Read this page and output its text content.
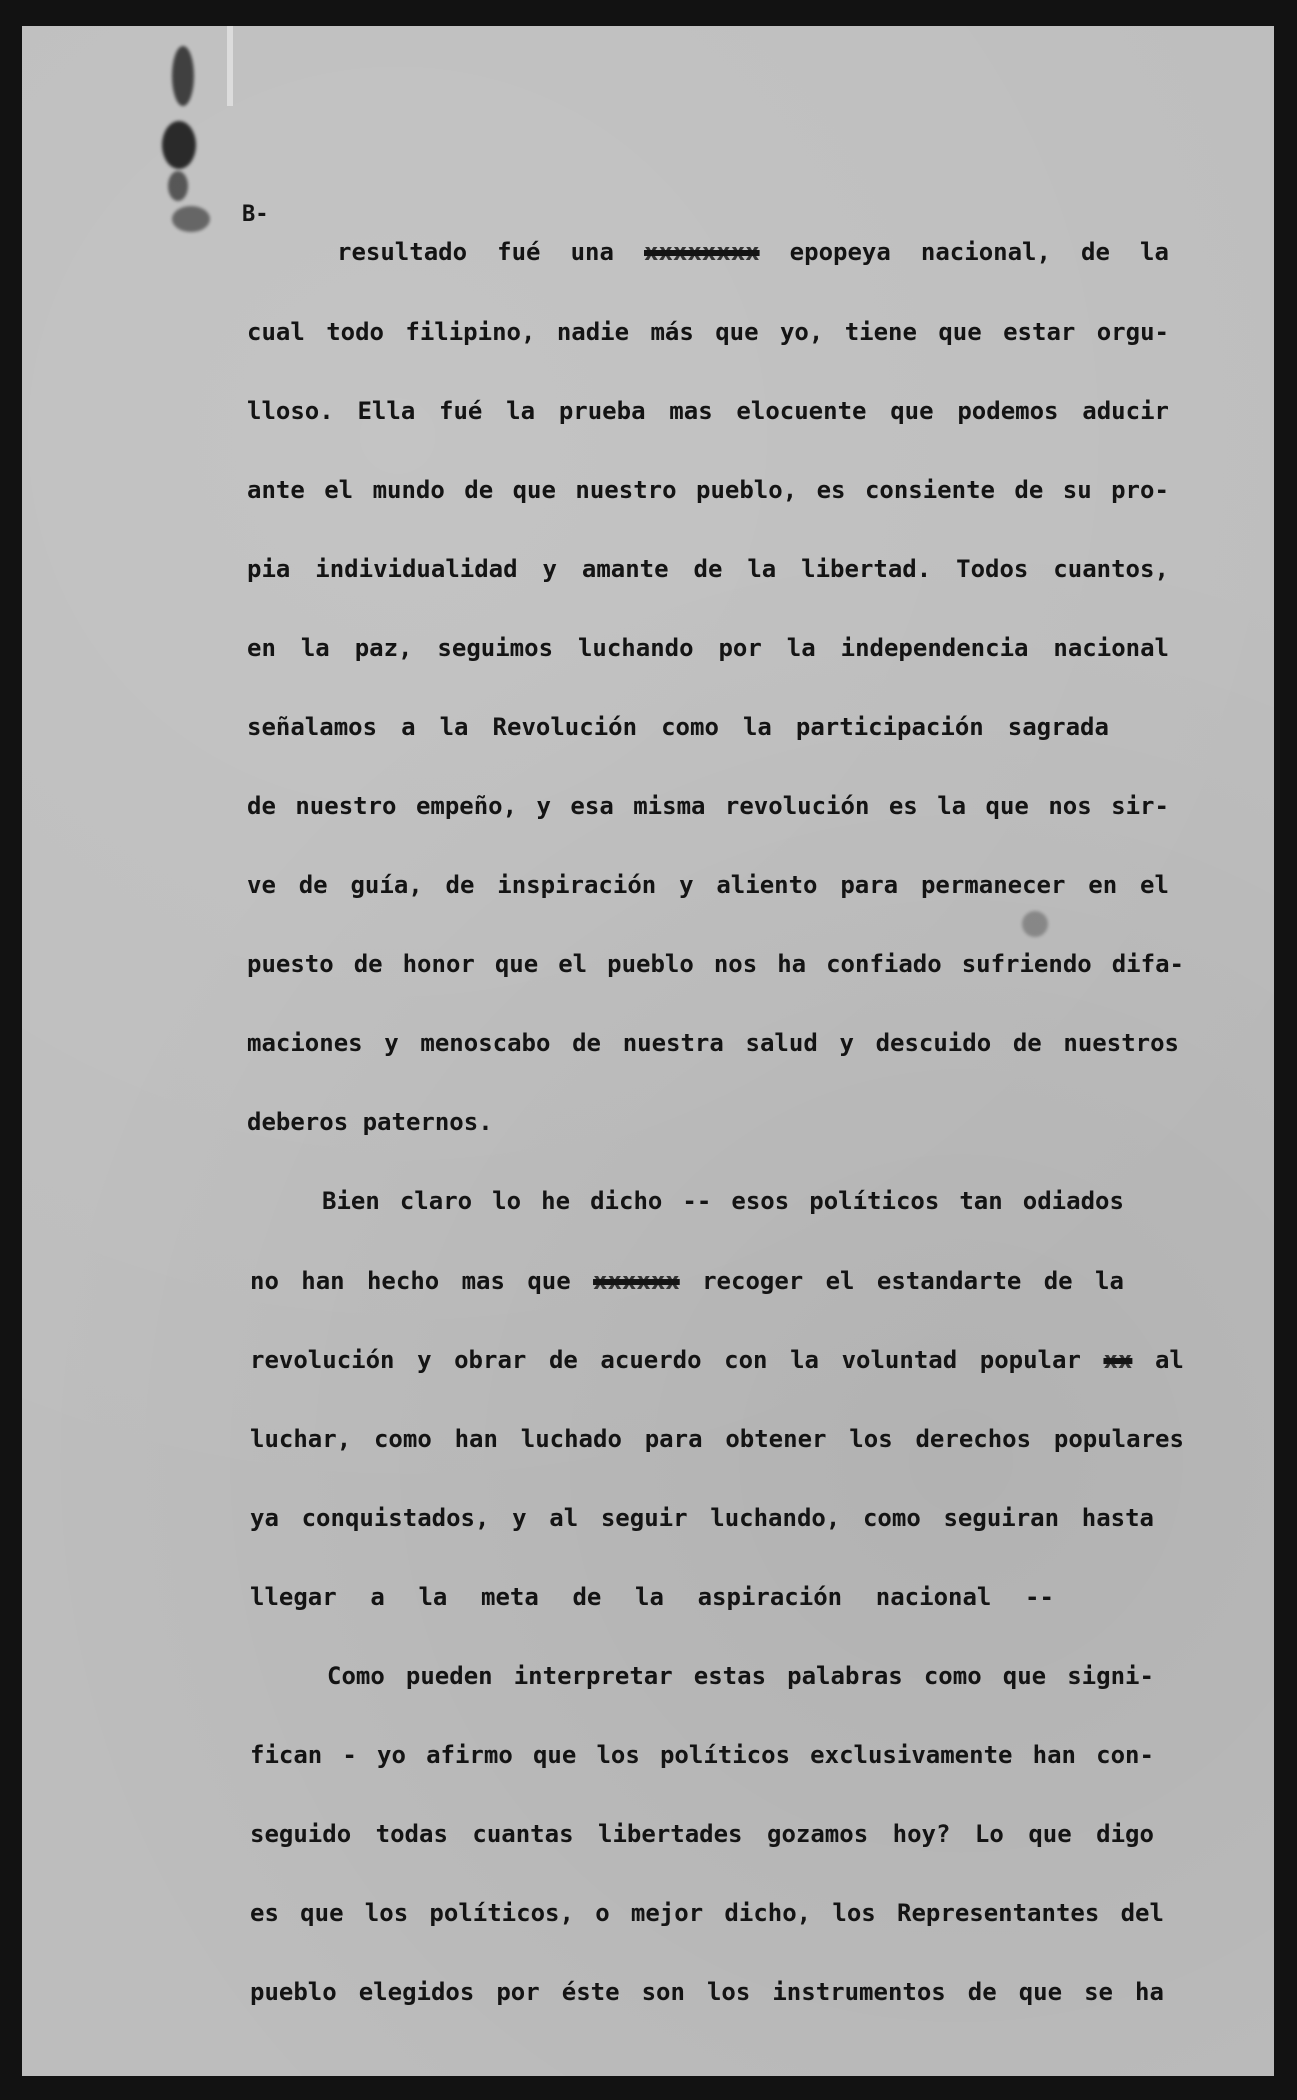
B-
resultado fué una xxxxxxxx epopeya nacional, de la
cual todo filipino, nadie más que yo, tiene que estar orgu-
lloso. Ella fué la prueba mas elocuente que podemos aducir
ante el mundo de que nuestro pueblo, es consiente de su pro-
pia individualidad y amante de la libertad. Todos cuantos,
en la paz, seguimos luchando por la independencia nacional
señalamos a la Revolución como la participación sagrada
de nuestro empeño, y esa misma revolución es la que nos sir-
ve de guía, de inspiración y aliento para permanecer en el
puesto de honor que el pueblo nos ha confiado sufriendo difa-
maciones y menoscabo de nuestra salud y descuido de nuestros
deberos paternos.
Bien claro lo he dicho -- esos políticos tan odiados
no han hecho mas que xxxxxx recoger el estandarte de la
revolución y obrar de acuerdo con la voluntad popular xx al
luchar, como han luchado para obtener los derechos populares
ya conquistados, y al seguir luchando, como seguiran hasta
llegar a la meta de la aspiración nacional --
Como pueden interpretar estas palabras como que signi-
fican - yo afirmo que los políticos exclusivamente han con-
seguido todas cuantas libertades gozamos hoy? Lo que digo
es que los políticos, o mejor dicho, los Representantes del
pueblo elegidos por éste son los instrumentos de que se ha
